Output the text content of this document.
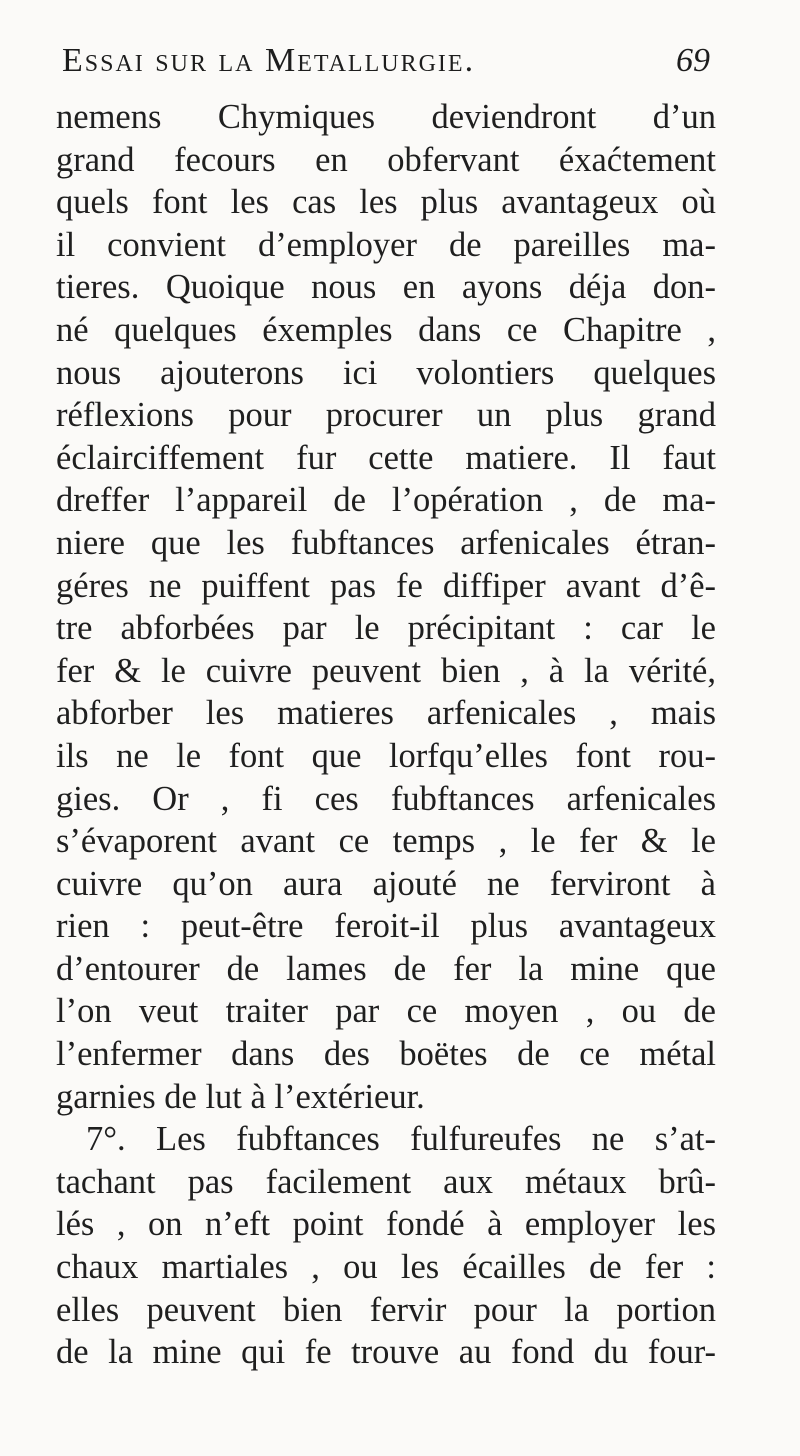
Essai sur la Metallurgie.	69
nemens Chymiques deviendront d’un
grand fecours en obfervant éxaćtement
quels font les cas les plus avantageux où
il convient d’employer de pareilles ma-
tieres. Quoique nous en ayons déja don-
né quelques éxemples dans ce Chapitre ,
nous ajouterons ici volontiers quelques
réflexions pour procurer un plus grand
éclairciffement fur cette matiere. Il faut
dreffer l’appareil de l’opération , de ma-
niere que les fubftances arfenicales étran-
géres ne puiffent pas fe diffiper avant d’ê-
tre abforbées par le précipitant : car le
fer & le cuivre peuvent bien , à la vérité,
abforber les matieres arfenicales , mais
ils ne le font que lorfqu’elles font rou-
gies. Or , fi ces fubftances arfenicales
s’évaporent avant ce temps , le fer & le
cuivre qu’on aura ajouté ne ferviront à
rien : peut-être feroit-il plus avantageux
d’entourer de lames de fer la mine que
l’on veut traiter par ce moyen , ou de
l’enfermer dans des boëtes de ce métal
garnies de lut à l’extérieur.
7°. Les fubftances fulfureufes ne s’at-
tachant pas facilement aux métaux brû-
lés , on n’eft point fondé à employer les
chaux martiales , ou les écailles de fer :
elles peuvent bien fervir pour la portion
de la mine qui fe trouve au fond du four-
